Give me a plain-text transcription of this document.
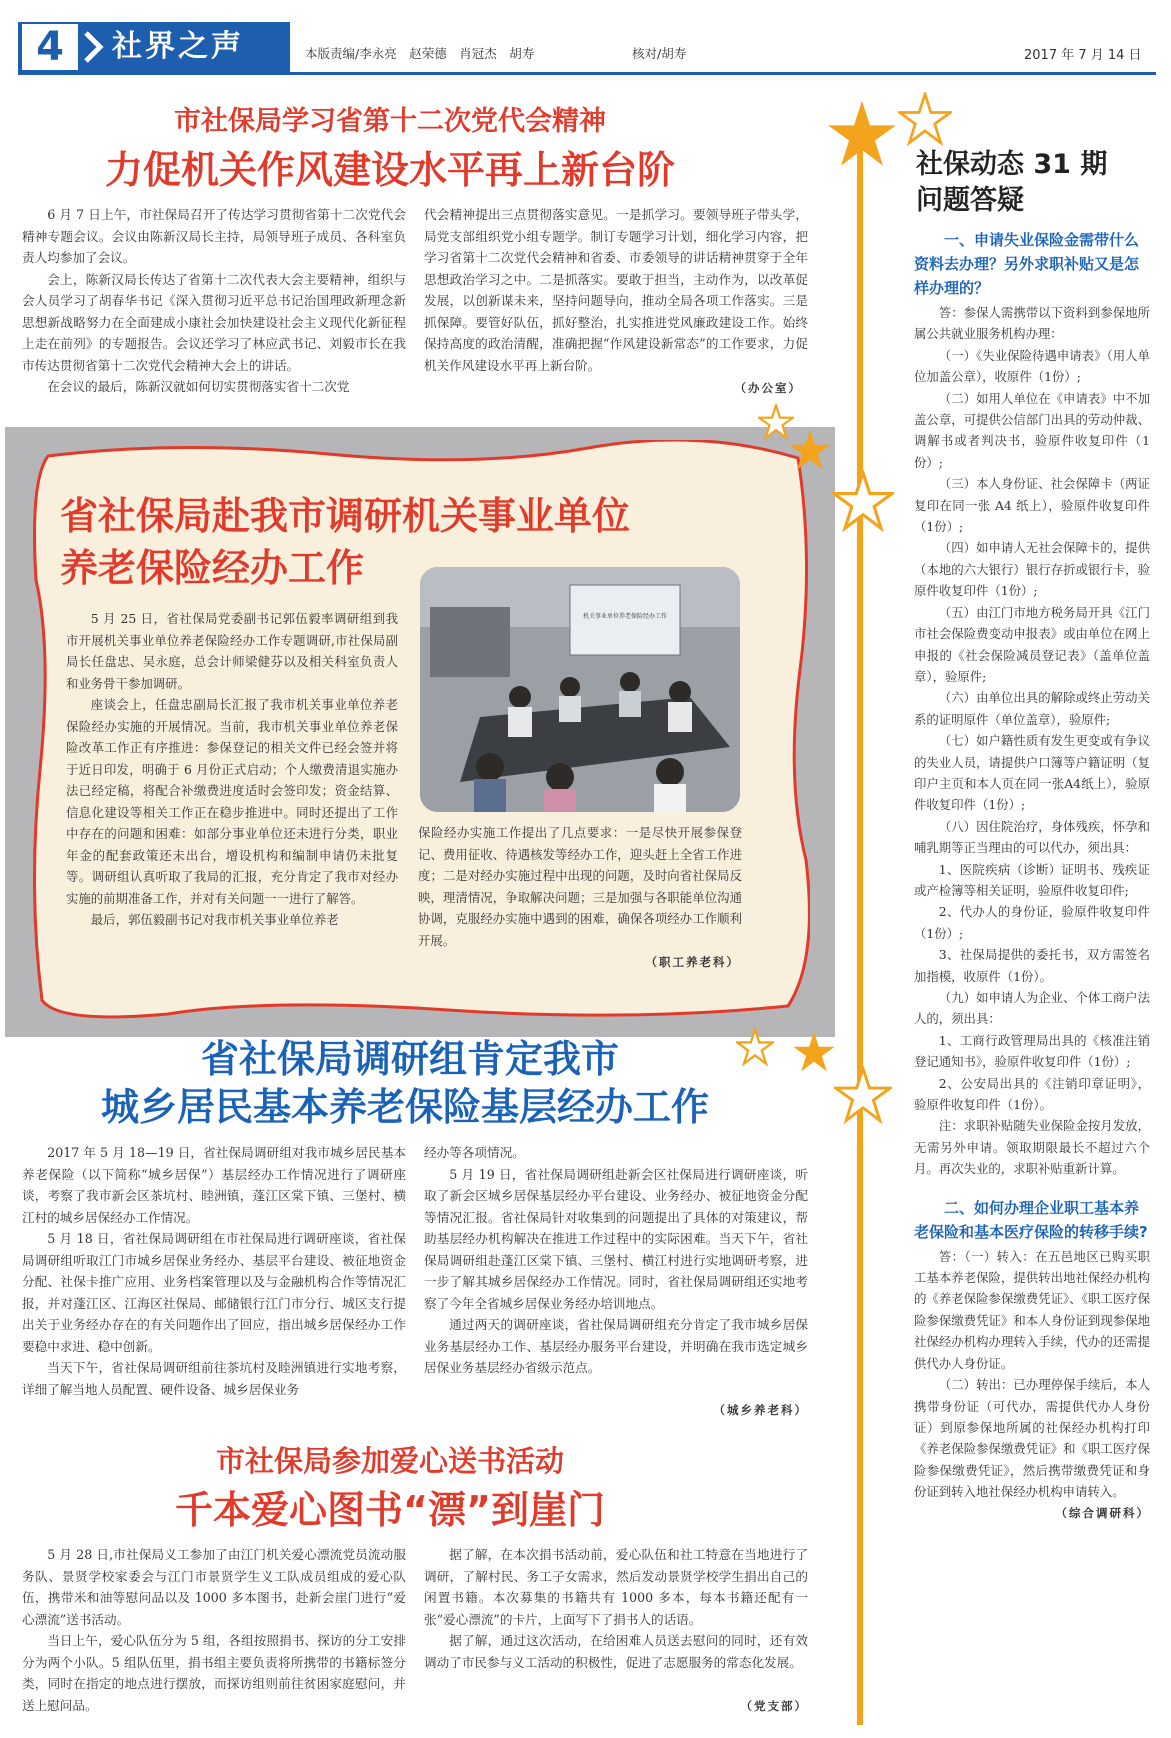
4	社界之声	本版责编/李永亮　赵荣德　肖冠杰　胡寿	核对/胡寿	2017 年 7 月 14 日
市社保局学习省第十二次党代会精神
力促机关作风建设水平再上新台阶

6 月 7 日上午，市社保局召开了传达学习贯彻省第十二次党代会精神专题会议。会议由陈新汉局长主持，局领导班子成员、各科室负责人均参加了会议。

会上，陈新汉局长传达了省第十二次代表大会主要精神，组织与会人员学习了胡春华书记《深入贯彻习近平总书记治国理政新理念新思想新战略努力在全面建成小康社会加快建设社会主义现代化新征程上走在前列》的专题报告。会议还学习了林应武书记、刘毅市长在我市传达贯彻省第十二次党代会精神大会上的讲话。

在会议的最后，陈新汉就如何切实贯彻落实省十二次党

代会精神提出三点贯彻落实意见。一是抓学习。要领导班子带头学，局党支部组织党小组专题学。制订专题学习计划，细化学习内容，把学习省第十二次党代会精神和省委、市委领导的讲话精神贯穿于全年思想政治学习之中。二是抓落实。要敢于担当，主动作为，以改革促发展，以创新谋未来，坚持问题导向，推动全局各项工作落实。三是抓保障。要管好队伍，抓好整治，扎实推进党风廉政建设工作。始终保持高度的政治清醒，准确把握“作风建设新常态”的工作要求，力促机关作风建设水平再上新台阶。

（办公室）
省社保局赴我市调研机关事业单位
养老保险经办工作
机关事业单位养老保险经办工作

5 月 25 日，省社保局党委副书记郭伍毅率调研组到我市开展机关事业单位养老保险经办工作专题调研,市社保局副局长任盘忠、吴永庭，总会计师梁健芬以及相关科室负责人和业务骨干参加调研。

座谈会上，任盘忠副局长汇报了我市机关事业单位养老保险经办实施的开展情况。当前，我市机关事业单位养老保险改革工作正有序推进：参保登记的相关文件已经会签并将于近日印发，明确于 6 月份正式启动；个人缴费清退实施办法已经定稿，将配合补缴费进度适时会签印发；资金结算、信息化建设等相关工作正在稳步推进中。同时还提出了工作中存在的问题和困难：如部分事业单位还未进行分类，职业年金的配套政策还未出台，增设机构和编制申请仍未批复等。调研组认真听取了我局的汇报，充分肯定了我市对经办实施的前期准备工作，并对有关问题一一进行了解答。

最后，郭伍毅副书记对我市机关事业单位养老

保险经办实施工作提出了几点要求：一是尽快开展参保登记、费用征收、待遇核发等经办工作，迎头赶上全省工作进度；二是对经办实施过程中出现的问题，及时向省社保局反映，理清情况，争取解决问题；三是加强与各职能单位沟通协调，克服经办实施中遇到的困难，确保各项经办工作顺利开展。

（职工养老科）
省社保局调研组肯定我市
城乡居民基本养老保险基层经办工作

2017 年 5 月 18—19 日，省社保局调研组对我市城乡居民基本养老保险（以下简称“城乡居保”）基层经办工作情况进行了调研座谈，考察了我市新会区茶坑村、睦洲镇，蓬江区棠下镇、三堡村、横江村的城乡居保经办工作情况。

5 月 18 日，省社保局调研组在市社保局进行调研座谈，省社保局调研组听取江门市城乡居保业务经办、基层平台建设、被征地资金分配、社保卡推广应用、业务档案管理以及与金融机构合作等情况汇报，并对蓬江区、江海区社保局、邮储银行江门市分行、城区支行提出关于业务经办存在的有关问题作出了回应，指出城乡居保经办工作要稳中求进、稳中创新。

当天下午，省社保局调研组前往茶坑村及睦洲镇进行实地考察，详细了解当地人员配置、硬件设备、城乡居保业务

经办等各项情况。

5 月 19 日，省社保局调研组赴新会区社保局进行调研座谈，听取了新会区城乡居保基层经办平台建设、业务经办、被征地资金分配等情况汇报。省社保局针对收集到的问题提出了具体的对策建议，帮助基层经办机构解决在推进工作过程中的实际困难。当天下午，省社保局调研组赴蓬江区棠下镇、三堡村、横江村进行实地调研考察，进一步了解其城乡居保经办工作情况。同时，省社保局调研组还实地考察了今年全省城乡居保业务经办培训地点。

通过两天的调研座谈，省社保局调研组充分肯定了我市城乡居保业务基层经办工作、基层经办服务平台建设，并明确在我市选定城乡居保业务基层经办省级示范点。

（城乡养老科）
市社保局参加爱心送书活动
千本爱心图书“漂”到崖门

5 月 28 日,市社保局义工参加了由江门机关爱心漂流党员流动服务队、景贤学校家委会与江门市景贤学生义工队成员组成的爱心队伍，携带米和油等慰问品以及 1000 多本图书，赴新会崖门进行“爱心漂流”送书活动。

当日上午，爱心队伍分为 5 组，各组按照捐书、探访的分工安排分为两个小队。5 组队伍里，捐书组主要负责将所携带的书籍标签分类，同时在指定的地点进行摆放，而探访组则前往贫困家庭慰问，并送上慰问品。

据了解，在本次捐书活动前，爱心队伍和社工特意在当地进行了调研，了解村民、务工子女需求，然后发动景贤学校学生捐出自己的闲置书籍。本次募集的书籍共有 1000 多本，每本书籍还配有一张“爱心漂流”的卡片，上面写下了捐书人的话语。

据了解，通过这次活动，在给困难人员送去慰问的同时，还有效调动了市民参与义工活动的积极性，促进了志愿服务的常态化发展。

（党支部）
社保动态 31 期
问题答疑
一、申请失业保险金需带什么资料去办理？另外求职补贴又是怎样办理的？

答：参保人需携带以下资料到参保地所属公共就业服务机构办理：

（一）《失业保险待遇申请表》（用人单位加盖公章），收原件（1份）;

（二）如用人单位在《申请表》中不加盖公章，可提供公信部门出具的劳动仲裁、调解书或者判决书，验原件收复印件（1份）;

（三）本人身份证、社会保障卡（两证复印在同一张 A4 纸上），验原件收复印件（1份）;

（四）如申请人无社会保障卡的，提供（本地的六大银行）银行存折或银行卡，验原件收复印件（1份）;

（五）由江门市地方税务局开具《江门市社会保险费变动申报表》或由单位在网上申报的《社会保险减员登记表》（盖单位盖章），验原件;

（六）由单位出具的解除或终止劳动关系的证明原件（单位盖章），验原件;

（七）如户籍性质有发生更变或有争议的失业人员，请提供户口簿等户籍证明（复印户主页和本人页在同一张A4纸上），验原件收复印件（1份）;

（八）因住院治疗，身体残疾，怀孕和哺乳期等正当理由的可以代办，须出具：

1、医院疾病（诊断）证明书、残疾证或产检簿等相关证明，验原件收复印件;

2、代办人的身份证，验原件收复印件（1份）;

3、社保局提供的委托书，双方需签名加指模，收原件（1份）。

（九）如申请人为企业、个体工商户法人的，须出具：

1、工商行政管理局出具的《核准注销登记通知书》，验原件收复印件（1份）;

2、公安局出具的《注销印章证明》，验原件收复印件（1份）。

注：求职补贴随失业保险金按月发放，无需另外申请。领取期限最长不超过六个月。再次失业的，求职补贴重新计算。

二、如何办理企业职工基本养老保险和基本医疗保险的转移手续?

答：（一）转入：在五邑地区已购买职工基本养老保险，提供转出地社保经办机构的《养老保险参保缴费凭证》、《职工医疗保险参保缴费凭证》和本人身份证到现参保地社保经办机构办理转入手续，代办的还需提供代办人身份证。

（二）转出：已办理停保手续后，本人携带身份证（可代办，需提供代办人身份证）到原参保地所属的社保经办机构打印《养老保险参保缴费凭证》和《职工医疗保险参保缴费凭证》，然后携带缴费凭证和身份证到转入地社保经办机构申请转入。

（综合调研科）
